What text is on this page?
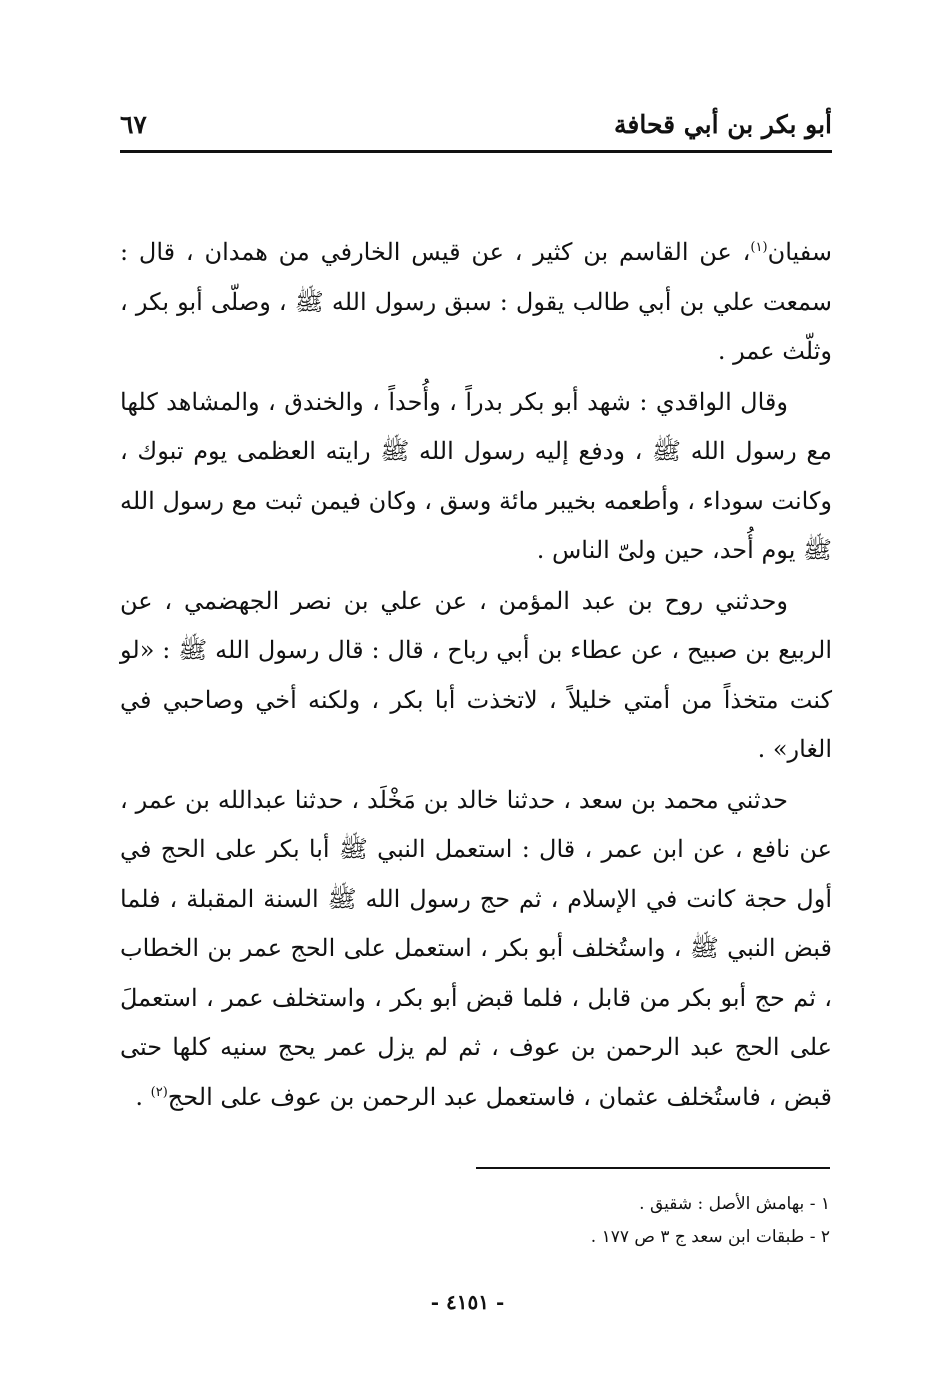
أبو بكر بن أبي قحافة
٦٧

سفيان$^{(١)}$، عن القاسم بن كثير ، عن قيس الخارفي من همدان ، قال : سمعت علي بن أبي طالب يقول : سبق رسول الله ﷺ ، وصلّى أبو بكر ، وثلّث عمر .

وقال الواقدي : شهد أبو بكر بدراً ، وأُحداً ، والخندق ، والمشاهد كلها مع رسول الله ﷺ ، ودفع إليه رسول الله ﷺ رايته العظمى يوم تبوك ، وكانت سوداء ، وأطعمه بخيبر مائة وسق ، وكان فيمن ثبت مع رسول الله ﷺ يوم أُحد، حين ولىّ الناس .

وحدثني روح بن عبد المؤمن ، عن علي بن نصر الجهضمي ، عن الربيع بن صبيح ، عن عطاء بن أبي رباح ، قال : قال رسول الله ﷺ : «لو كنت متخذاً من أمتي خليلاً ، لاتخذت أبا بكر ، ولكنه أخي وصاحبي في الغار» .

حدثني محمد بن سعد ، حدثنا خالد بن مَخْلَد ، حدثنا عبدالله بن عمر ، عن نافع ، عن ابن عمر ، قال : استعمل النبي ﷺ أبا بكر على الحج في أول حجة كانت في الإسلام ، ثم حج رسول الله ﷺ السنة المقبلة ، فلما قبض النبي ﷺ ، واستُخلف أبو بكر ، استعمل على الحج عمر بن الخطاب ، ثم حج أبو بكر من قابل ، فلما قبض أبو بكر ، واستخلف عمر ، استعملَ على الحج عبد الرحمن بن عوف ، ثم لم يزل عمر يحج سنيه كلها حتى قبض ، فاستُخلف عثمان ، فاستعمل عبد الرحمن بن عوف على الحج$^{(٢)}$ .

١ - بهامش الأصل : شقيق .
٢ - طبقات ابن سعد ج ٣ ص ١٧٧ .
- ٤١٥١ -
